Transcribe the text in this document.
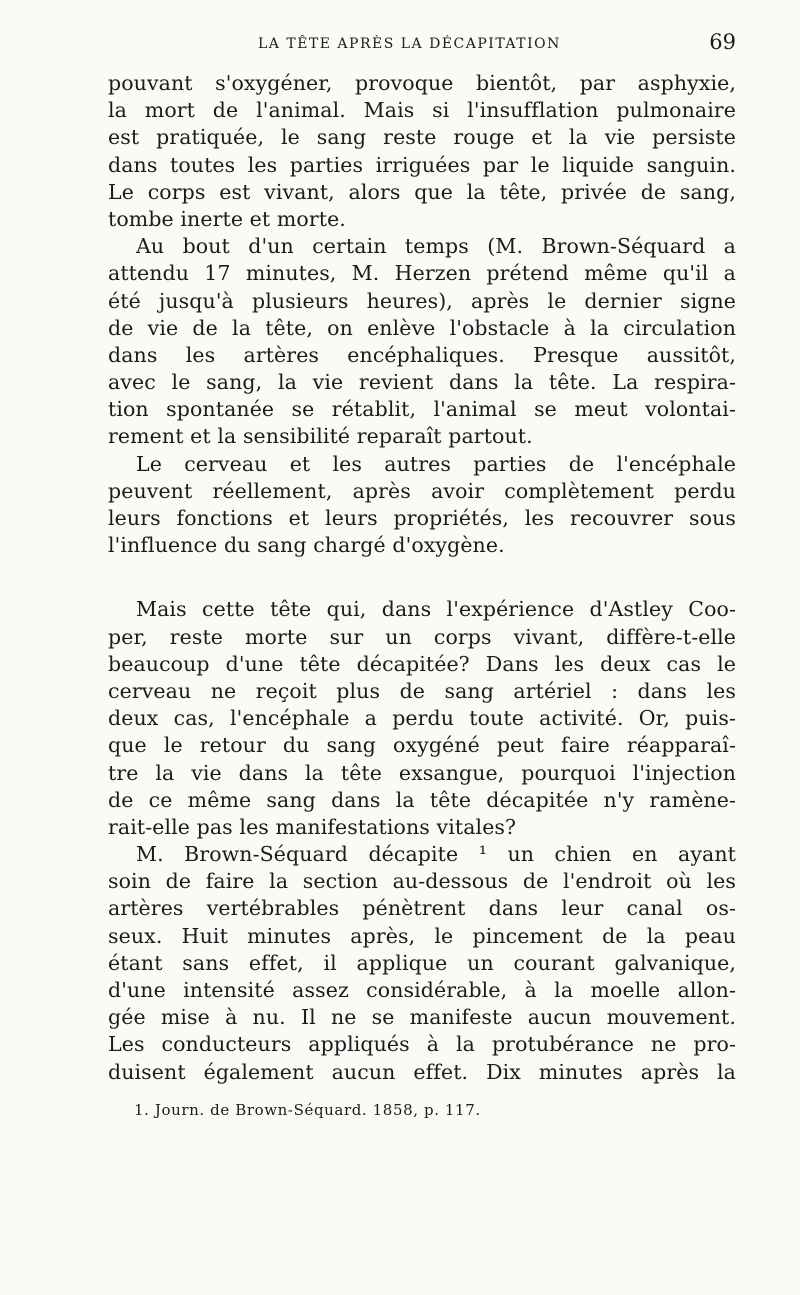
LA TÊTE APRÈS LA DÉCAPITATION	69
pouvant s'oxygéner, provoque bientôt, par asphyxie,
la mort de l'animal. Mais si l'insufflation pulmonaire
est pratiquée, le sang reste rouge et la vie persiste
dans toutes les parties irriguées par le liquide sanguin.
Le corps est vivant, alors que la tête, privée de sang,
tombe inerte et morte.
Au bout d'un certain temps (M. Brown-Séquard a
attendu 17 minutes, M. Herzen prétend même qu'il a
été jusqu'à plusieurs heures), après le dernier signe
de vie de la tête, on enlève l'obstacle à la circulation
dans les artères encéphaliques. Presque aussitôt,
avec le sang, la vie revient dans la tête. La respira-
tion spontanée se rétablit, l'animal se meut volontai-
rement et la sensibilité reparaît partout.
Le cerveau et les autres parties de l'encéphale
peuvent réellement, après avoir complètement perdu
leurs fonctions et leurs propriétés, les recouvrer sous
l'influence du sang chargé d'oxygène.
Mais cette tête qui, dans l'expérience d'Astley Coo-
per, reste morte sur un corps vivant, diffère-t-elle
beaucoup d'une tête décapitée? Dans les deux cas le
cerveau ne reçoit plus de sang artériel : dans les
deux cas, l'encéphale a perdu toute activité. Or, puis-
que le retour du sang oxygéné peut faire réapparaî-
tre la vie dans la tête exsangue, pourquoi l'injection
de ce même sang dans la tête décapitée n'y ramène-
rait-elle pas les manifestations vitales?
M. Brown-Séquard décapite ¹ un chien en ayant
soin de faire la section au-dessous de l'endroit où les
artères vertébrables pénètrent dans leur canal os-
seux. Huit minutes après, le pincement de la peau
étant sans effet, il applique un courant galvanique,
d'une intensité assez considérable, à la moelle allon-
gée mise à nu. Il ne se manifeste aucun mouvement.
Les conducteurs appliqués à la protubérance ne pro-
duisent également aucun effet. Dix minutes après la
1. Journ. de Brown-Séquard. 1858, p. 117.
